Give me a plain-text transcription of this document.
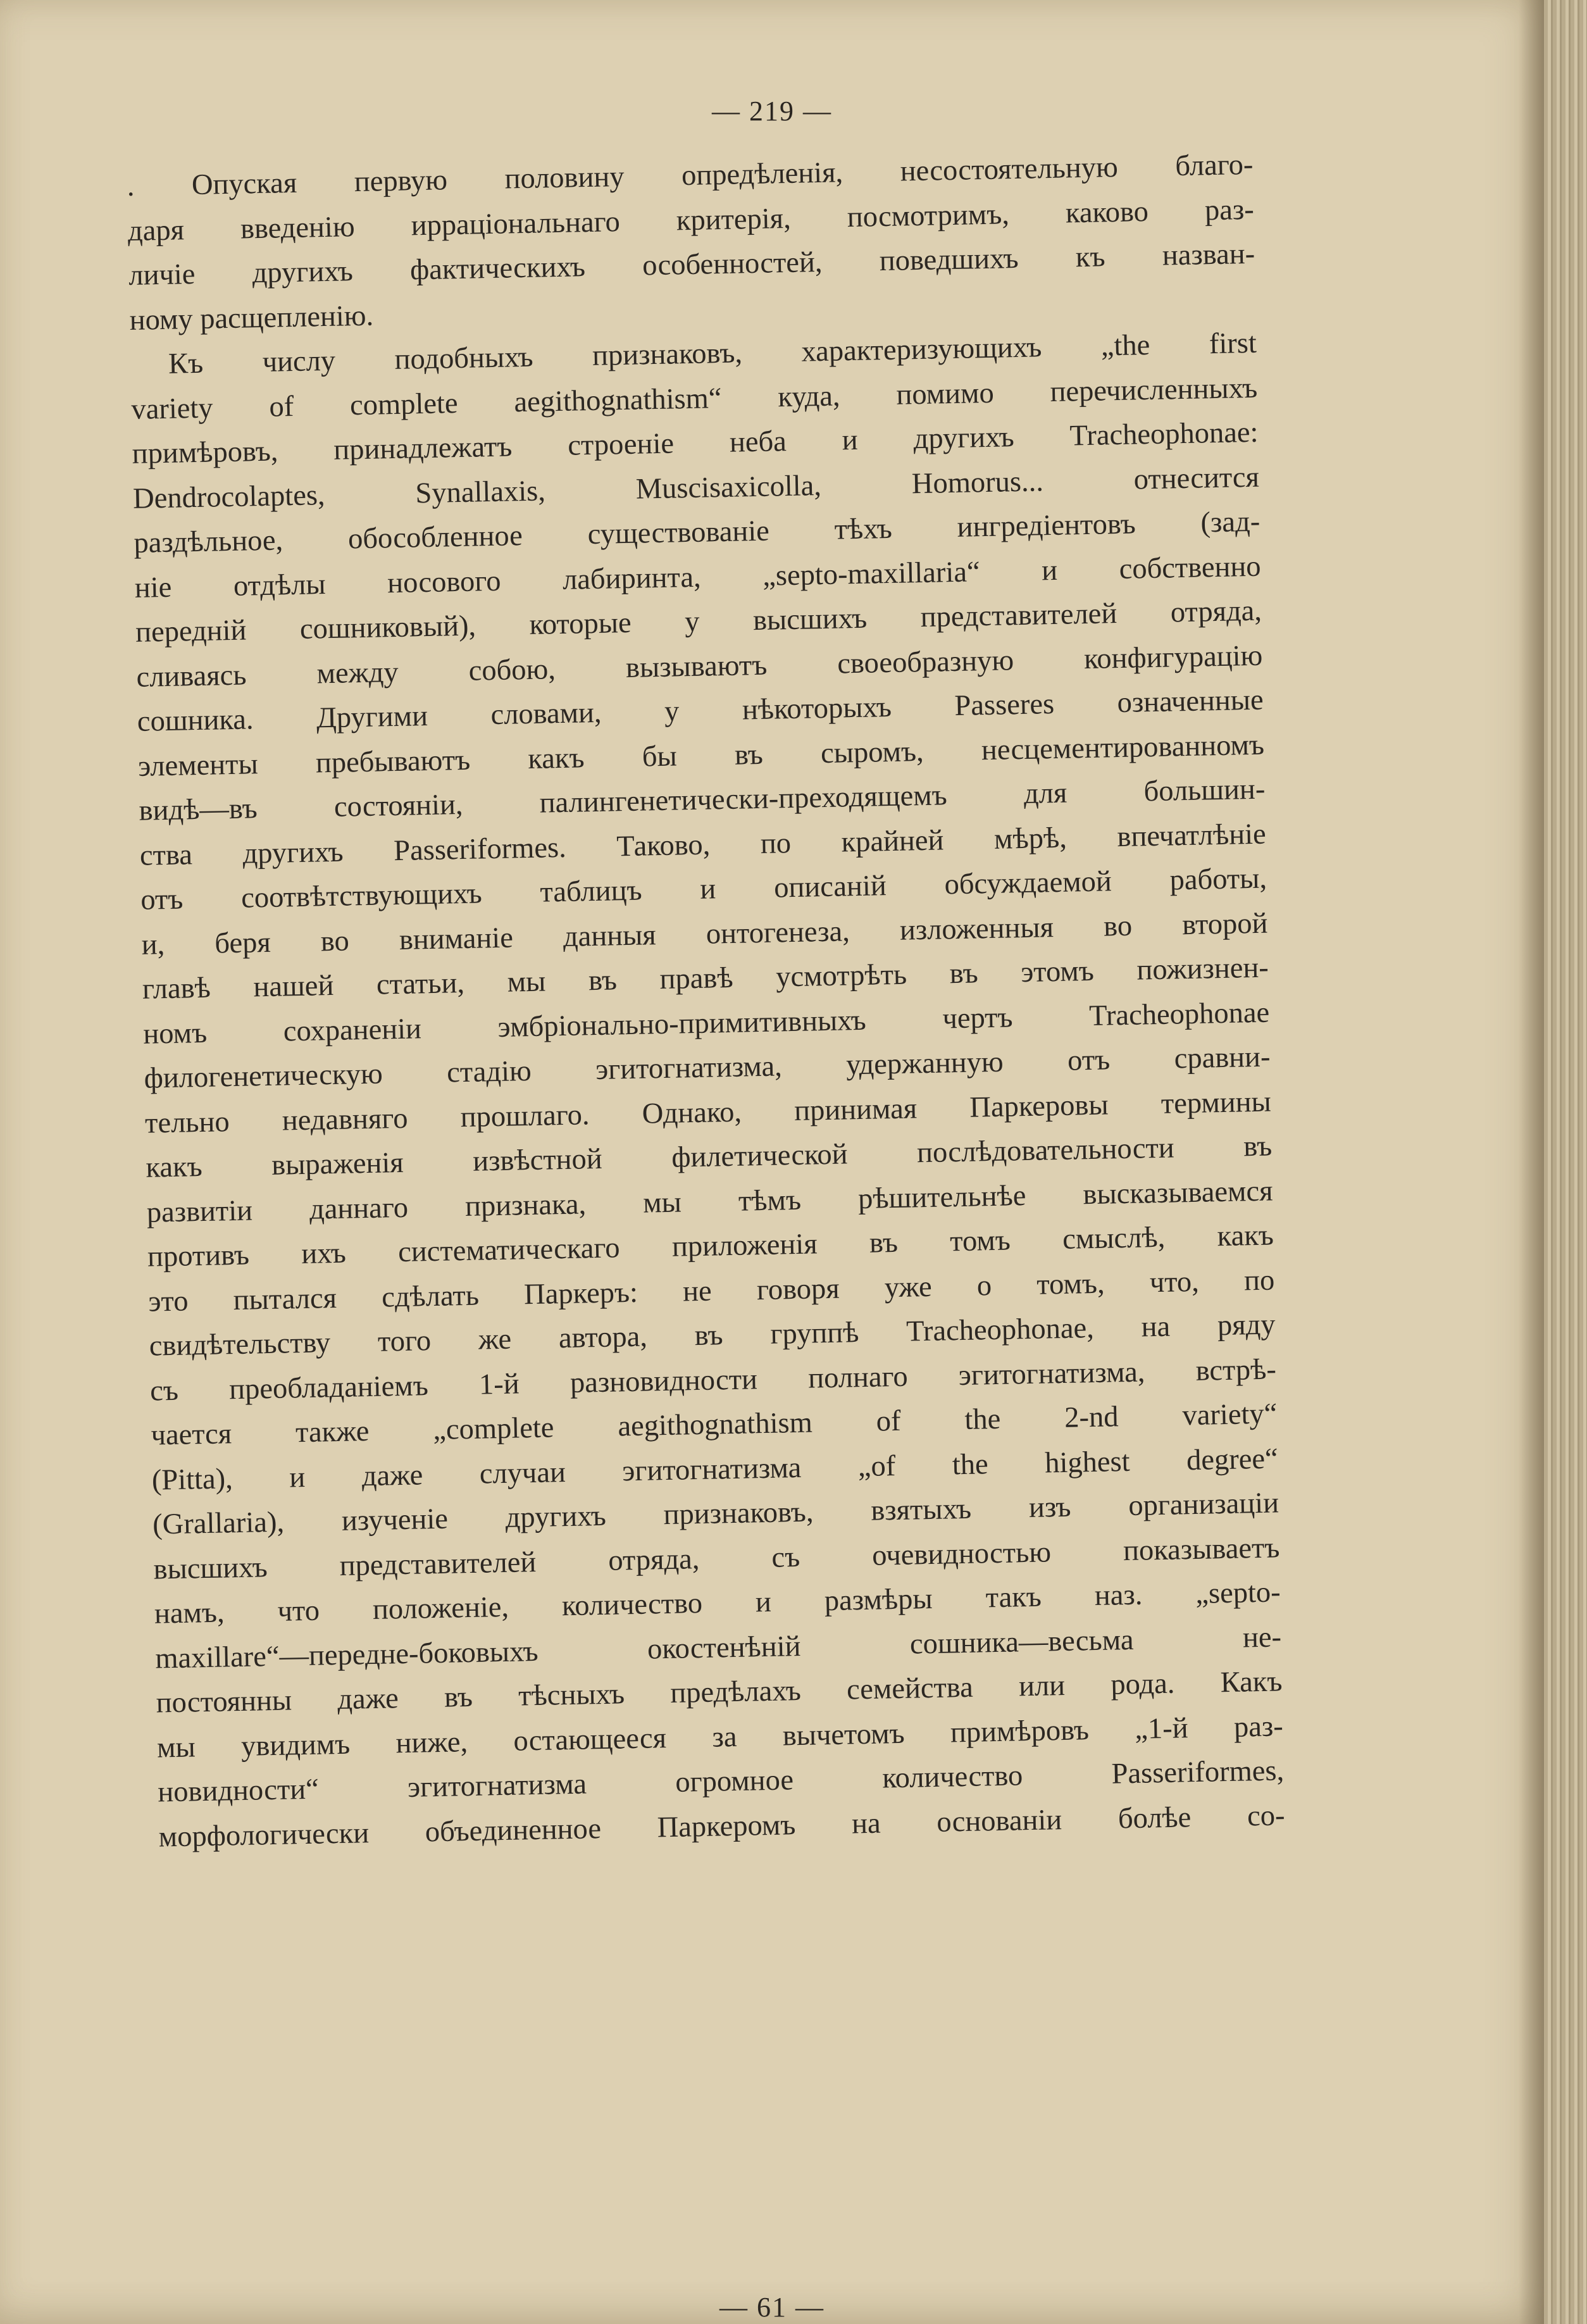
— 219 —
. Опуская первую половину опредѣленія, несостоятельную благо-
даря введенію ирраціональнаго критерія, посмотримъ, каково раз-
личіе другихъ фактическихъ особенностей, поведшихъ къ назван-
ному расщепленію.
Къ числу подобныхъ признаковъ, характеризующихъ „the first
variety of complete aegithognathism“ куда, помимо перечисленныхъ
примѣровъ, принадлежатъ строеніе неба и другихъ Tracheophonae:
Dendrocolaptes, Synallaxis, Muscisaxicolla, Homorus... отнесится
раздѣльное, обособленное существованіе тѣхъ ингредіентовъ (зад-
ніе отдѣлы носового лабиринта, „septo-maxillaria“ и собственно
передній сошниковый), которые у высшихъ представителей отряда,
сливаясь между собою, вызываютъ своеобразную конфигурацію
сошника. Другими словами, у нѣкоторыхъ Passeres означенные
элементы пребываютъ какъ бы въ сыромъ, несцементированномъ
видѣ—въ состояніи, палингенетически-преходящемъ для большин-
ства другихъ Passeriformes. Таково, по крайней мѣрѣ, впечатлѣніе
отъ соотвѣтствующихъ таблицъ и описаній обсуждаемой работы,
и, беря во вниманіе данныя онтогенеза, изложенныя во второй
главѣ нашей статьи, мы въ правѣ усмотрѣть въ этомъ пожизнен-
номъ сохраненіи эмбріонально-примитивныхъ чертъ Tracheophonae
филогенетическую стадію эгитогнатизма, удержанную отъ сравни-
тельно недавняго прошлаго. Однако, принимая Паркеровы термины
какъ выраженія извѣстной филетической послѣдовательности въ
развитіи даннаго признака, мы тѣмъ рѣшительнѣе высказываемся
противъ ихъ систематическаго приложенія въ томъ смыслѣ, какъ
это пытался сдѣлать Паркеръ: не говоря уже о томъ, что, по
свидѣтельству того же автора, въ группѣ Tracheophonae, на ряду
съ преобладаніемъ 1-й разновидности полнаго эгитогнатизма, встрѣ-
чается также „complete aegithognathism of the 2-nd variety“
(Pitta), и даже случаи эгитогнатизма „of the highest degree“
(Grallaria), изученіе другихъ признаковъ, взятыхъ изъ организаціи
высшихъ представителей отряда, съ очевидностью показываетъ
намъ, что положеніе, количество и размѣры такъ наз. „septo-
maxillare“—передне-боковыхъ окостенѣній сошника—весьма не-
постоянны даже въ тѣсныхъ предѣлахъ семейства или рода. Какъ
мы увидимъ ниже, остающееся за вычетомъ примѣровъ „1-й раз-
новидности“ эгитогнатизма огромное количество Passeriformes,
морфологически объединенное Паркеромъ на основаніи болѣе со-
— 61 —
